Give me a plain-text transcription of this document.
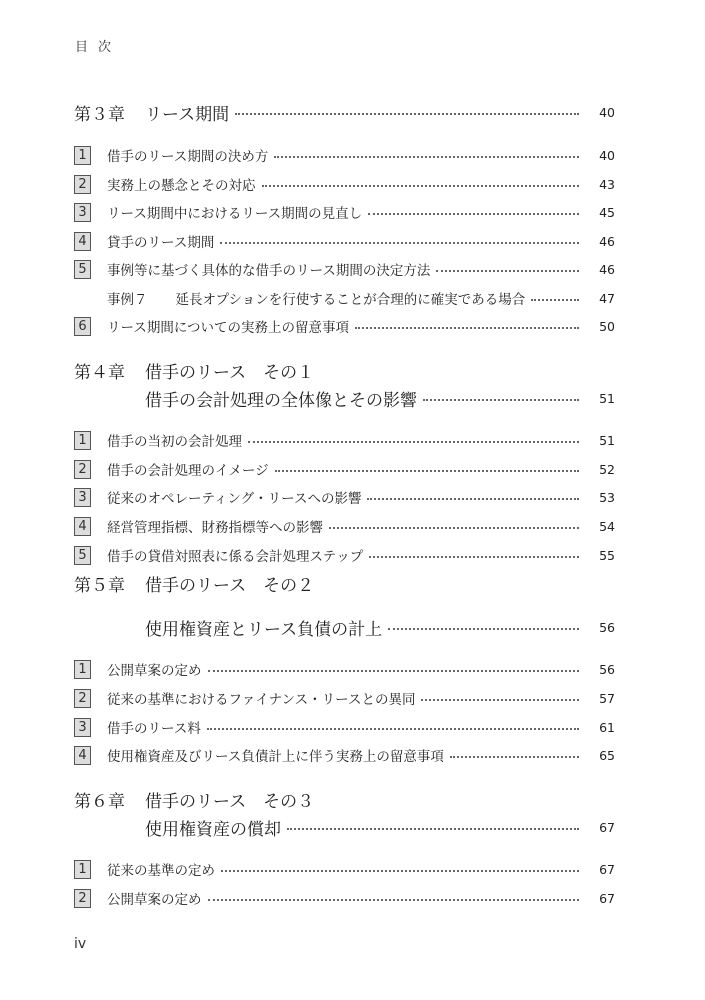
目次
第３章 リース期間	40
1	借手のリース期間の決め方	40
2	実務上の懸念とその対応	43
3	リース期間中におけるリース期間の見直し	45
4	貸手のリース期間	46
5	事例等に基づく具体的な借手のリース期間の決定方法	46
事例７ 延長オプションを行使することが合理的に確実である場合	47
6	リース期間についての実務上の留意事項	50
第４章 借手のリース　その１
借手の会計処理の全体像とその影響	51
1	借手の当初の会計処理	51
2	借手の会計処理のイメージ	52
3	従来のオペレーティング・リースへの影響	53
4	経営管理指標、財務指標等への影響	54
5	借手の貸借対照表に係る会計処理ステップ	55
第５章 借手のリース　その２
使用権資産とリース負債の計上	56
1	公開草案の定め	56
2	従来の基準におけるファイナンス・リースとの異同	57
3	借手のリース料	61
4	使用権資産及びリース負債計上に伴う実務上の留意事項	65
第６章 借手のリース　その３
使用権資産の償却	67
1	従来の基準の定め	67
2	公開草案の定め	67
iv
